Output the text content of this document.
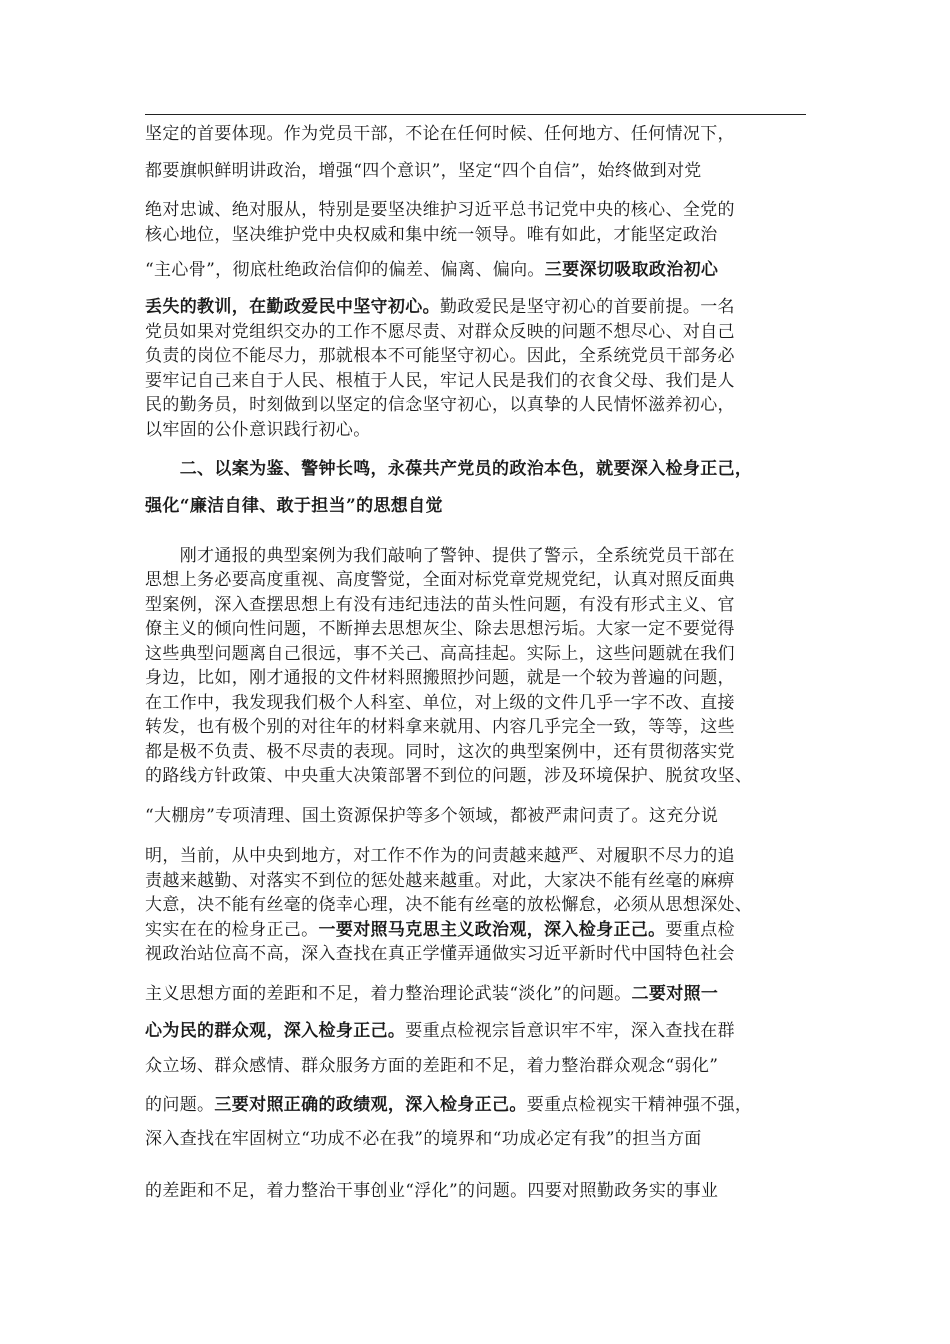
坚定的首要体现。作为党员干部，不论在任何时候、任何地方、任何情况下，
都要旗帜鲜明讲政治，增强“四个意识”，坚定“四个自信”，始终做到对党
绝对忠诚、绝对服从，特别是要坚决维护习近平总书记党中央的核心、全党的
核心地位，坚决维护党中央权威和集中统一领导。唯有如此，才能坚定政治
“主心骨”，彻底杜绝政治信仰的偏差、偏离、偏向。三要深切吸取政治初心
丢失的教训，在勤政爱民中坚守初心。勤政爱民是坚守初心的首要前提。一名
党员如果对党组织交办的工作不愿尽责、对群众反映的问题不想尽心、对自己
负责的岗位不能尽力，那就根本不可能坚守初心。因此，全系统党员干部务必
要牢记自己来自于人民、根植于人民，牢记人民是我们的衣食父母、我们是人
民的勤务员，时刻做到以坚定的信念坚守初心，以真挚的人民情怀滋养初心，
以牢固的公仆意识践行初心。
　　二、以案为鉴、警钟长鸣，永葆共产党员的政治本色，就要深入检身正己，
强化“廉洁自律、敢于担当”的思想自觉
　　刚才通报的典型案例为我们敲响了警钟、提供了警示，全系统党员干部在
思想上务必要高度重视、高度警觉，全面对标党章党规党纪，认真对照反面典
型案例，深入查摆思想上有没有违纪违法的苗头性问题，有没有形式主义、官
僚主义的倾向性问题，不断掸去思想灰尘、除去思想污垢。大家一定不要觉得
这些典型问题离自己很远，事不关己、高高挂起。实际上，这些问题就在我们
身边，比如，刚才通报的文件材料照搬照抄问题，就是一个较为普遍的问题，
在工作中，我发现我们极个人科室、单位，对上级的文件几乎一字不改、直接
转发，也有极个别的对往年的材料拿来就用、内容几乎完全一致，等等，这些
都是极不负责、极不尽责的表现。同时，这次的典型案例中，还有贯彻落实党
的路线方针政策、中央重大决策部署不到位的问题，涉及环境保护、脱贫攻坚、
“大棚房”专项清理、国土资源保护等多个领域，都被严肃问责了。这充分说
明，当前，从中央到地方，对工作不作为的问责越来越严、对履职不尽力的追
责越来越勤、对落实不到位的惩处越来越重。对此，大家决不能有丝毫的麻痹
大意，决不能有丝毫的侥幸心理，决不能有丝毫的放松懈怠，必须从思想深处、
实实在在的检身正己。一要对照马克思主义政治观，深入检身正己。要重点检
视政治站位高不高，深入查找在真正学懂弄通做实习近平新时代中国特色社会
主义思想方面的差距和不足，着力整治理论武装“淡化”的问题。二要对照一
心为民的群众观，深入检身正己。要重点检视宗旨意识牢不牢，深入查找在群
众立场、群众感情、群众服务方面的差距和不足，着力整治群众观念“弱化”
的问题。三要对照正确的政绩观，深入检身正己。要重点检视实干精神强不强，
深入查找在牢固树立“功成不必在我”的境界和“功成必定有我”的担当方面
的差距和不足，着力整治干事创业“浮化”的问题。四要对照勤政务实的事业
